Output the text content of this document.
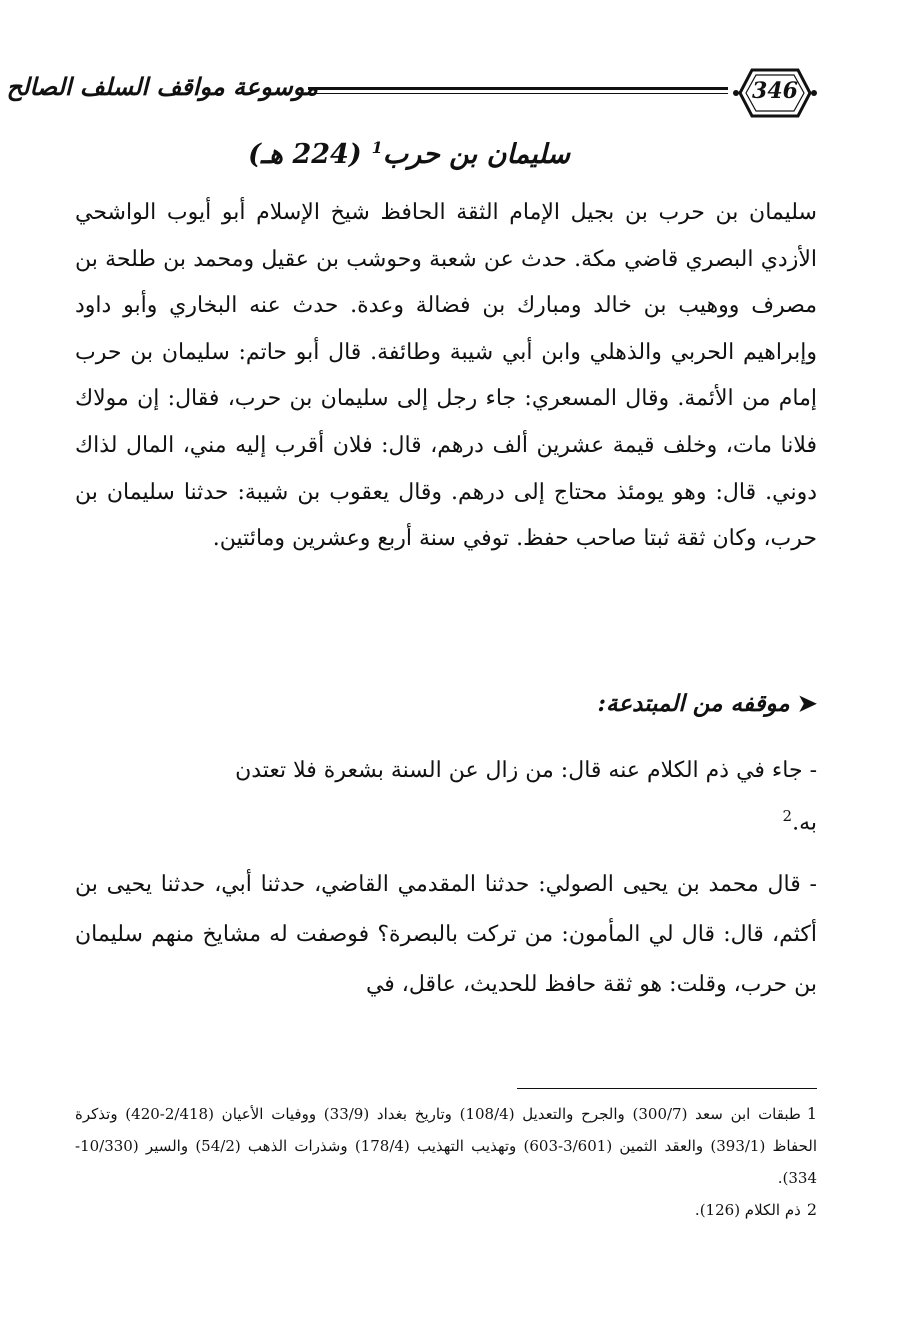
346
موسوعة مواقف السلف الصالح
سليمان بن حرب$^1$(224 هـ)

سليمان بن حرب بن بجيل الإمام الثقة الحافظ شيخ الإسلام أبو أيوب الواشحي الأزدي البصري قاضي مكة. حدث عن شعبة وحوشب بن عقيل ومحمد بن طلحة بن مصرف ووهيب بن خالد ومبارك بن فضالة وعدة. حدث عنه البخاري وأبو داود وإبراهيم الحربي والذهلي وابن أبي شيبة وطائفة. قال أبو حاتم: سليمان بن حرب إمام من الأئمة. وقال المسعري: جاء رجل إلى سليمان بن حرب، فقال: إن مولاك فلانا مات، وخلف قيمة عشرين ألف درهم، قال: فلان أقرب إليه مني، المال لذاك دوني. قال: وهو يومئذ محتاج إلى درهم. وقال يعقوب بن شيبة: حدثنا سليمان بن حرب، وكان ثقة ثبتا صاحب حفظ. توفي سنة أربع وعشرين ومائتين.

➤موقفه من المبتدعة:
- جاء في ذم الكلام عنه قال: من زال عن السنة بشعرة فلا تعتدن
به.$^2$
- قال محمد بن يحيى الصولي: حدثنا المقدمي القاضي، حدثنا أبي، حدثنا يحيى بن أكثم، قال: قال لي المأمون: من تركت بالبصرة؟ فوصفت له مشايخ منهم سليمان بن حرب، وقلت: هو ثقة حافظ للحديث، عاقل، في

1طبقات ابن سعد (300/7) والجرح والتعديل (108/4) وتاريخ بغداد (33/9) ووفيات الأعيان (2/418-420) وتذكرة الحفاظ (393/1) والعقد الثمين (3/601-603) وتهذيب التهذيب (178/4) وشذرات الذهب (54/2) والسير (10/330-334).

2ذم الكلام (126).
